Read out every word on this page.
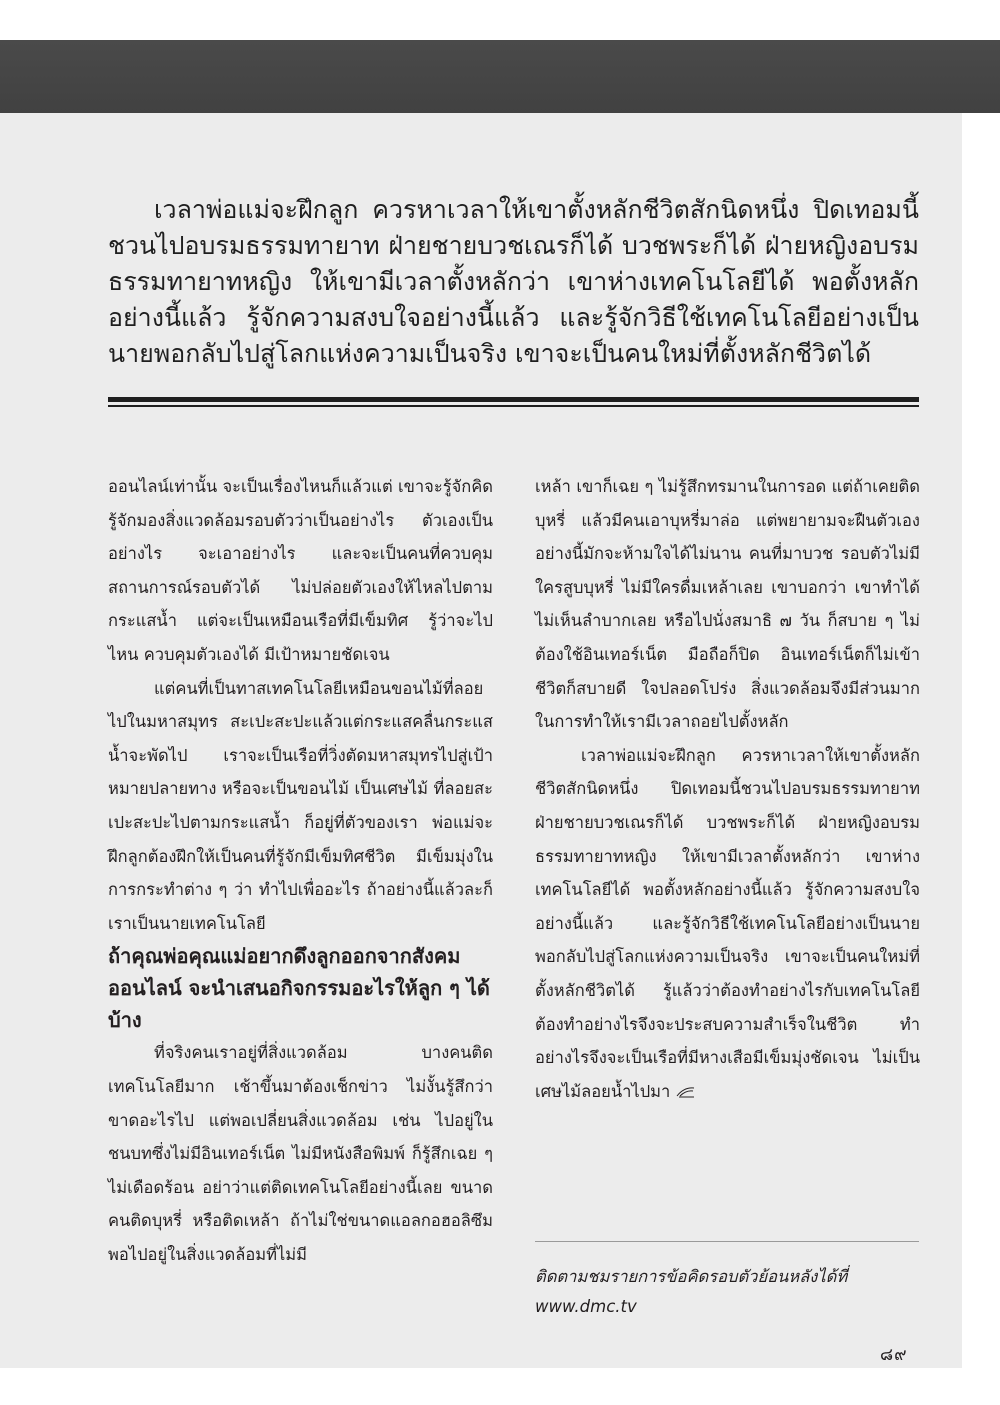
เวลาพ่อแม่จะฝึกลูก ควรหาเวลาให้เขาตั้งหลักชีวิตสักนิดหนึ่ง ปิดเทอมนี้ชวนไปอบรมธรรมทายาท ฝ่ายชายบวชเณรก็ได้ บวชพระก็ได้ ฝ่ายหญิงอบรมธรรมทายาทหญิง ให้เขามีเวลาตั้งหลักว่า เขาห่างเทคโนโลยีได้ พอตั้งหลักอย่างนี้แล้ว รู้จักความสงบใจอย่างนี้แล้ว และรู้จักวิธีใช้เทคโนโลยีอย่างเป็นนายพอกลับไปสู่โลกแห่งความเป็นจริง เขาจะเป็นคนใหม่ที่ตั้งหลักชีวิตได้

ออนไลน์เท่านั้น จะเป็นเรื่องไหนก็แล้วแต่ เขาจะรู้จักคิด รู้จักมองสิ่งแวดล้อมรอบตัวว่าเป็นอย่างไร ตัวเองเป็นอย่างไร จะเอาอย่างไร และจะเป็นคนที่ควบคุมสถานการณ์รอบตัวได้ ไม่ปล่อยตัวเองให้ไหลไปตามกระแสน้ำ แต่จะเป็นเหมือนเรือที่มีเข็มทิศ รู้ว่าจะไปไหน ควบคุมตัวเองได้ มีเป้าหมายชัดเจน

แต่คนที่เป็นทาสเทคโนโลยีเหมือนขอนไม้ที่ลอยไปในมหาสมุทร สะเปะสะปะแล้วแต่กระแสคลื่นกระแสน้ำจะพัดไป เราจะเป็นเรือที่วิ่งตัดมหาสมุทรไปสู่เป้าหมายปลายทาง หรือจะเป็นขอนไม้ เป็นเศษไม้ ที่ลอยสะเปะสะปะไปตามกระแสน้ำ ก็อยู่ที่ตัวของเรา พ่อแม่จะฝึกลูกต้องฝึกให้เป็นคนที่รู้จักมีเข็มทิศชีวิต มีเข็มมุ่งในการกระทำต่าง ๆ ว่า ทำไปเพื่ออะไร ถ้าอย่างนี้แล้วละก็ เราเป็นนายเทคโนโลยี

ถ้าคุณพ่อคุณแม่อยากดึงลูกออกจากสังคมออนไลน์ จะนำเสนอกิจกรรมอะไรให้ลูก ๆ ได้บ้าง

ที่จริงคนเราอยู่ที่สิ่งแวดล้อม บางคนติดเทคโนโลยีมาก เช้าขึ้นมาต้องเช็กข่าว ไม่งั้นรู้สึกว่าขาดอะไรไป แต่พอเปลี่ยนสิ่งแวดล้อม เช่น ไปอยู่ในชนบทซึ่งไม่มีอินเทอร์เน็ต ไม่มีหนังสือพิมพ์ ก็รู้สึกเฉย ๆ ไม่เดือดร้อน อย่าว่าแต่ติดเทคโนโลยีอย่างนี้เลย ขนาดคนติดบุหรี่ หรือติดเหล้า ถ้าไม่ใช่ขนาดแอลกอฮอลิซึม พอไปอยู่ในสิ่งแวดล้อมที่ไม่มี

เหล้า เขาก็เฉย ๆ ไม่รู้สึกทรมานในการอด แต่ถ้าเคยติดบุหรี่ แล้วมีคนเอาบุหรี่มาล่อ แต่พยายามจะฝืนตัวเอง อย่างนี้มักจะห้ามใจได้ไม่นาน คนที่มาบวช รอบตัวไม่มีใครสูบบุหรี่ ไม่มีใครดื่มเหล้าเลย เขาบอกว่า เขาทำได้ ไม่เห็นลำบากเลย หรือไปนั่งสมาธิ ๗ วัน ก็สบาย ๆ ไม่ต้องใช้อินเทอร์เน็ต มือถือก็ปิด อินเทอร์เน็ตก็ไม่เข้า ชีวิตก็สบายดี ใจปลอดโปร่ง สิ่งแวดล้อมจึงมีส่วนมากในการทำให้เรามีเวลาถอยไปตั้งหลัก

เวลาพ่อแม่จะฝึกลูก ควรหาเวลาให้เขาตั้งหลักชีวิตสักนิดหนึ่ง ปิดเทอมนี้ชวนไปอบรมธรรมทายาท ฝ่ายชายบวชเณรก็ได้ บวชพระก็ได้ ฝ่ายหญิงอบรมธรรมทายาทหญิง ให้เขามีเวลาตั้งหลักว่า เขาห่างเทคโนโลยีได้ พอตั้งหลักอย่างนี้แล้ว รู้จักความสงบใจอย่างนี้แล้ว และรู้จักวิธีใช้เทคโนโลยีอย่างเป็นนาย พอกลับไปสู่โลกแห่งความเป็นจริง เขาจะเป็นคนใหม่ที่ตั้งหลักชีวิตได้ รู้แล้วว่าต้องทำอย่างไรกับเทคโนโลยี ต้องทำอย่างไรจึงจะประสบความสำเร็จในชีวิต ทำอย่างไรจึงจะเป็นเรือที่มีหางเสือมีเข็มมุ่งชัดเจน ไม่เป็นเศษไม้ลอยน้ำไปมา

ติดตามชมรายการข้อคิดรอบตัวย้อนหลังได้ที่
www.dmc.tv
๘๙
